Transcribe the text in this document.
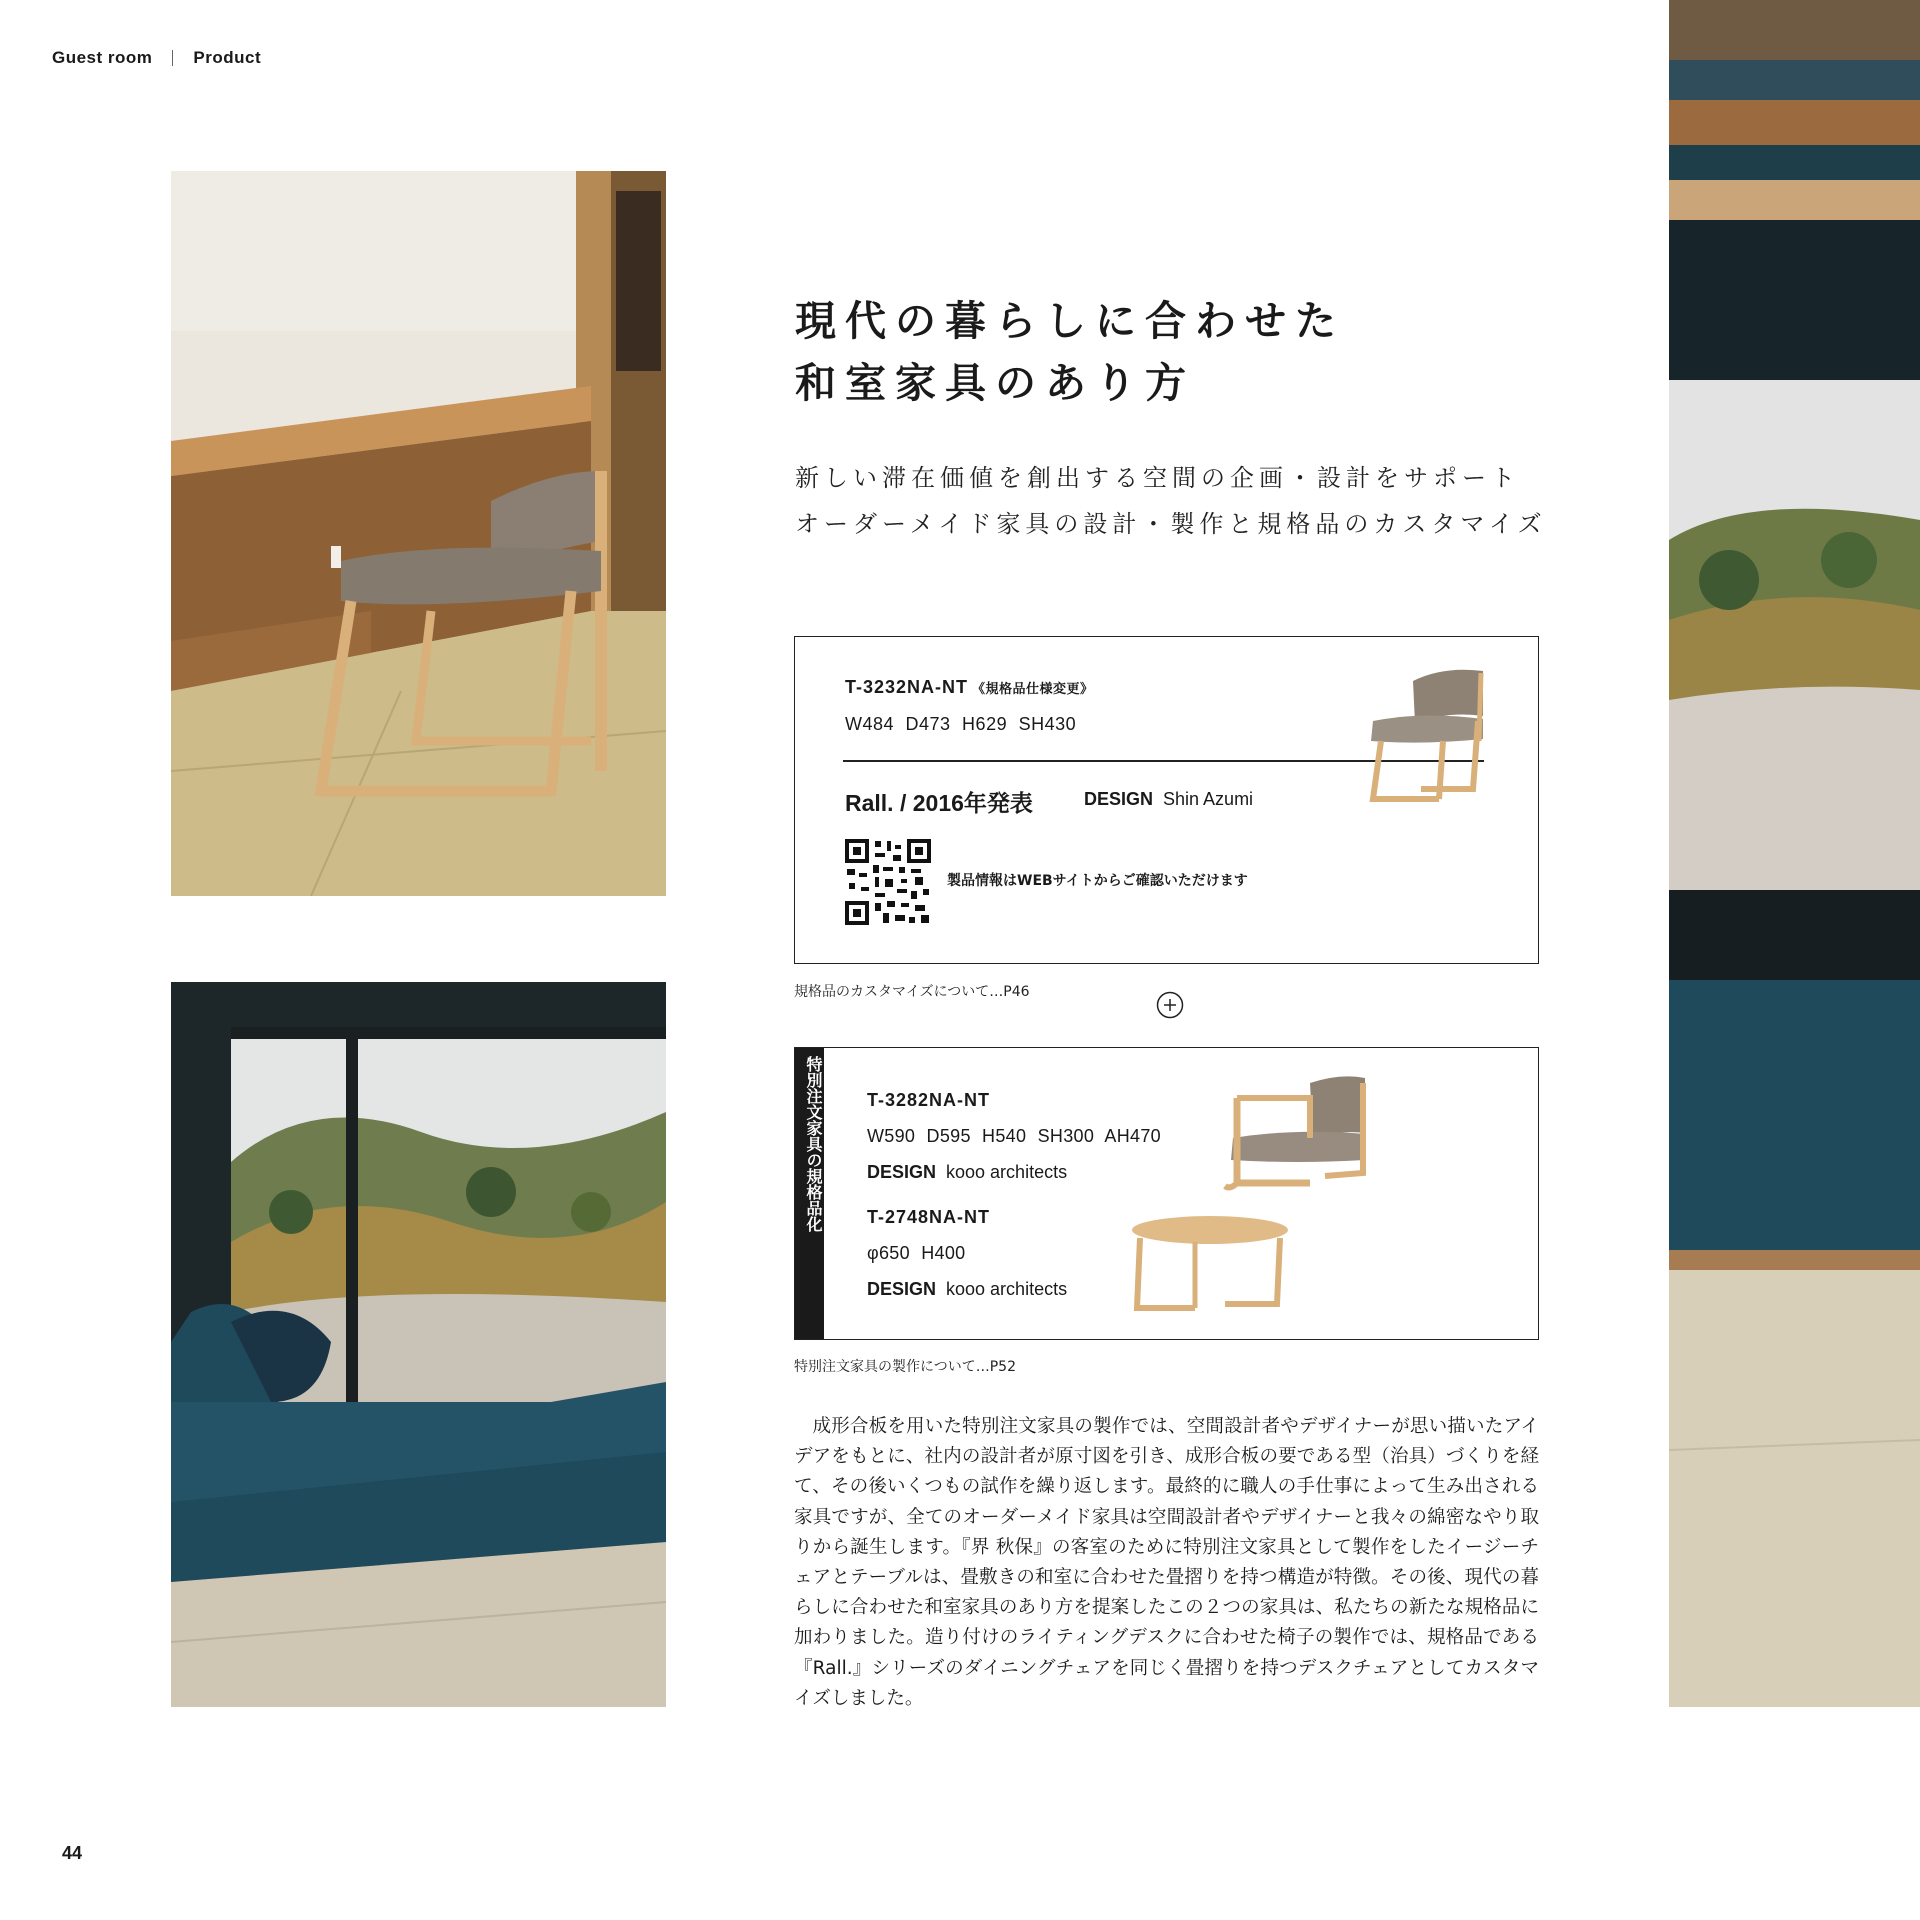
Guest room Product
現代の暮らしに合わせた
和室家具のあり方
新しい滞在価値を創出する空間の企画・設計をサポート
オーダーメイド家具の設計・製作と規格品のカスタマイズ
T-3232NA-NT 《規格品仕様変更》
W484 D473 H629 SH430
Rall. / 2016年発表	DESIGN Shin Azumi
製品情報はWEBサイトからご確認いただけます
規格品のカスタマイズについて…P46
特別注文家具の規格品化 T-3282NA-NT
W590 D595 H540 SH300 AH470
DESIGN kooo architects
T-2748NA-NT
φ650 H400
DESIGN kooo architects
特別注文家具の製作について…P52
成形合板を用いた特別注文家具の製作では、空間設計者やデザイナーが思い描いたアイデアをもとに、社内の設計者が原寸図を引き、成形合板の要である型（治具）づくりを経て、その後いくつもの試作を繰り返します。最終的に職人の手仕事によって生み出される家具ですが、全てのオーダーメイド家具は空間設計者やデザイナーと我々の綿密なやり取りから誕生します。『界 秋保』の客室のために特別注文家具として製作をしたイージーチェアとテーブルは、畳敷きの和室に合わせた畳摺りを持つ構造が特徴。その後、現代の暮らしに合わせた和室家具のあり方を提案したこの２つの家具は、私たちの新たな規格品に加わりました。造り付けのライティングデスクに合わせた椅子の製作では、規格品である『Rall.』シリーズのダイニングチェアを同じく畳摺りを持つデスクチェアとしてカスタマイズしました。
44
